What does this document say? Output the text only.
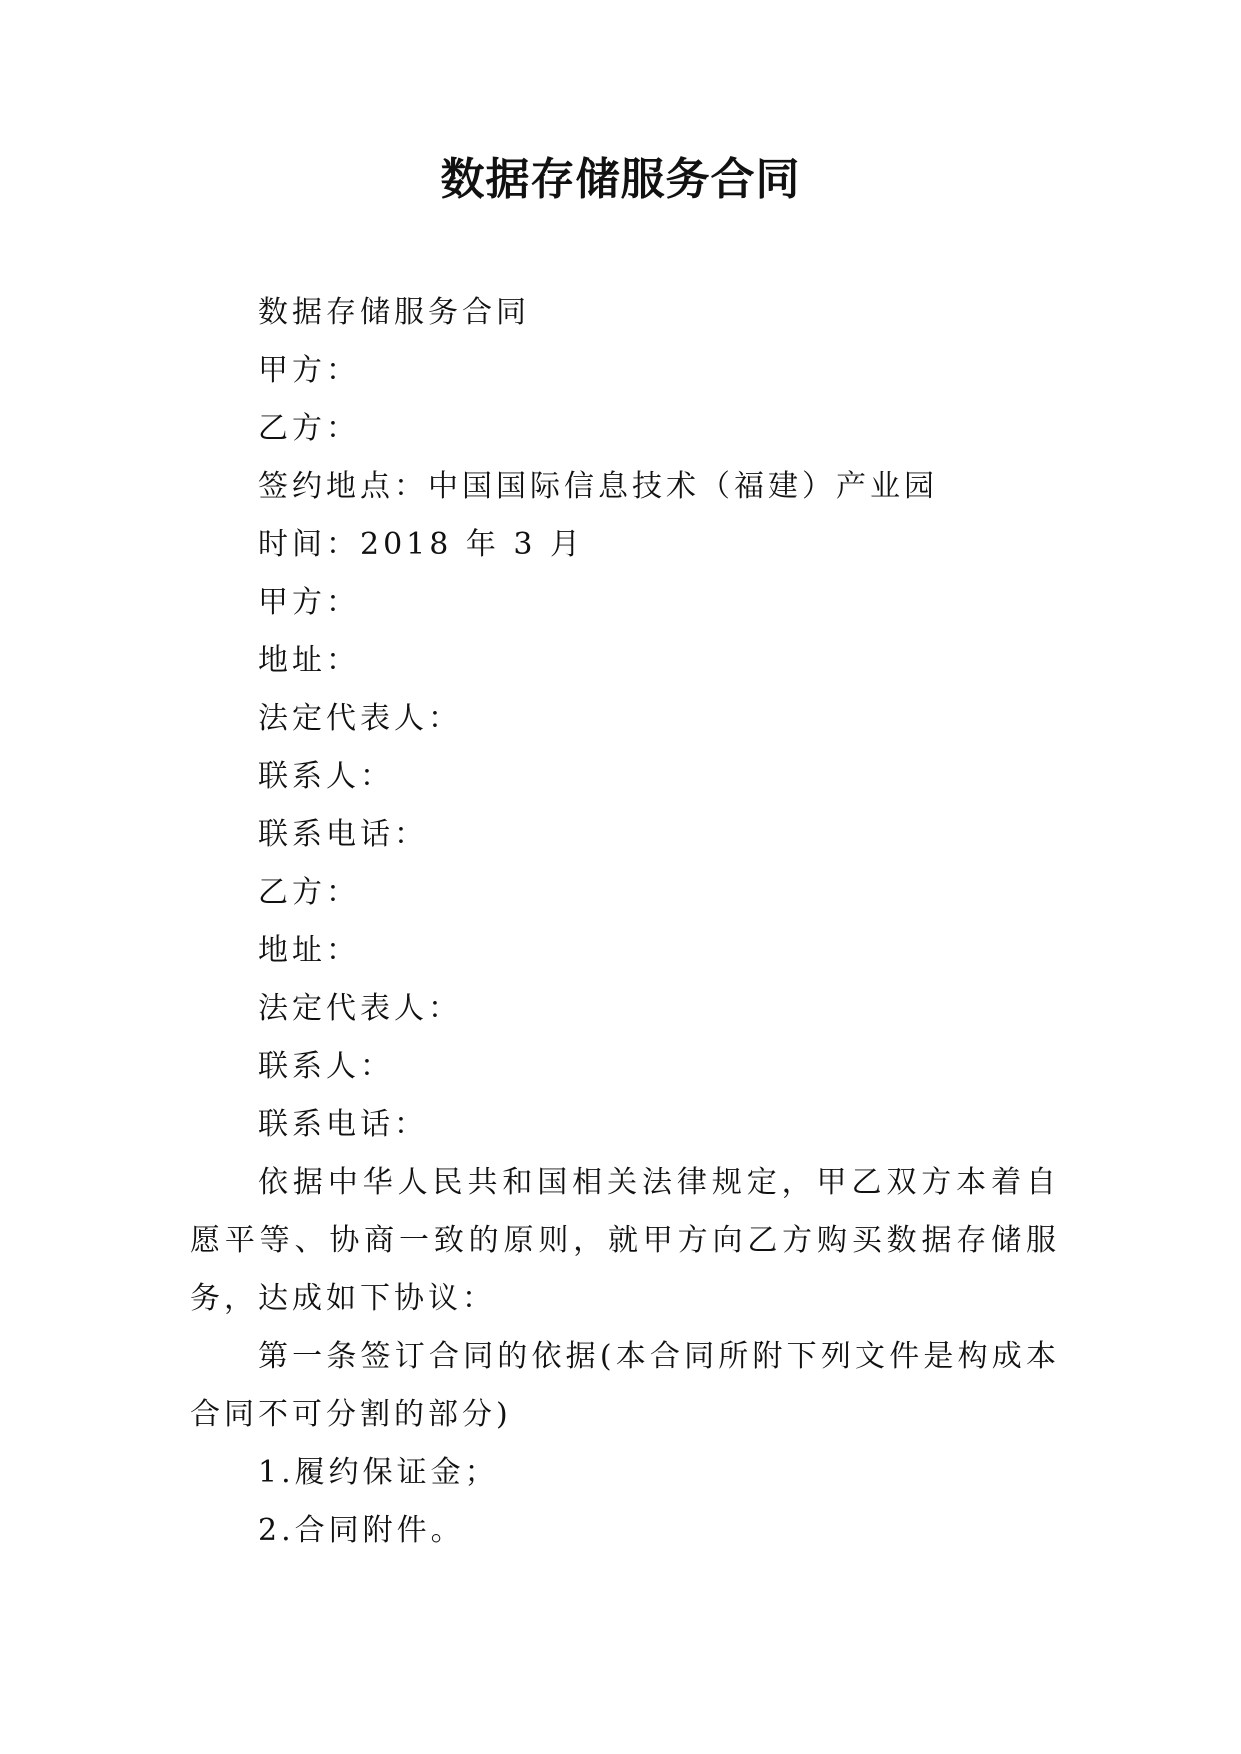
数据存储服务合同
数据存储服务合同
甲方：
乙方：
签约地点：中国国际信息技术（福建）产业园
时间：2018 年 3 月
甲方：
地址：
法定代表人：
联系人：
联系电话：
乙方：
地址：
法定代表人：
联系人：
联系电话：
依据中华人民共和国相关法律规定，甲乙双方本着自愿平等、协商一致的原则，就甲方向乙方购买数据存储服务，达成如下协议：
第一条签订合同的依据(本合同所附下列文件是构成本合同不可分割的部分)
1.履约保证金；
2.合同附件。
